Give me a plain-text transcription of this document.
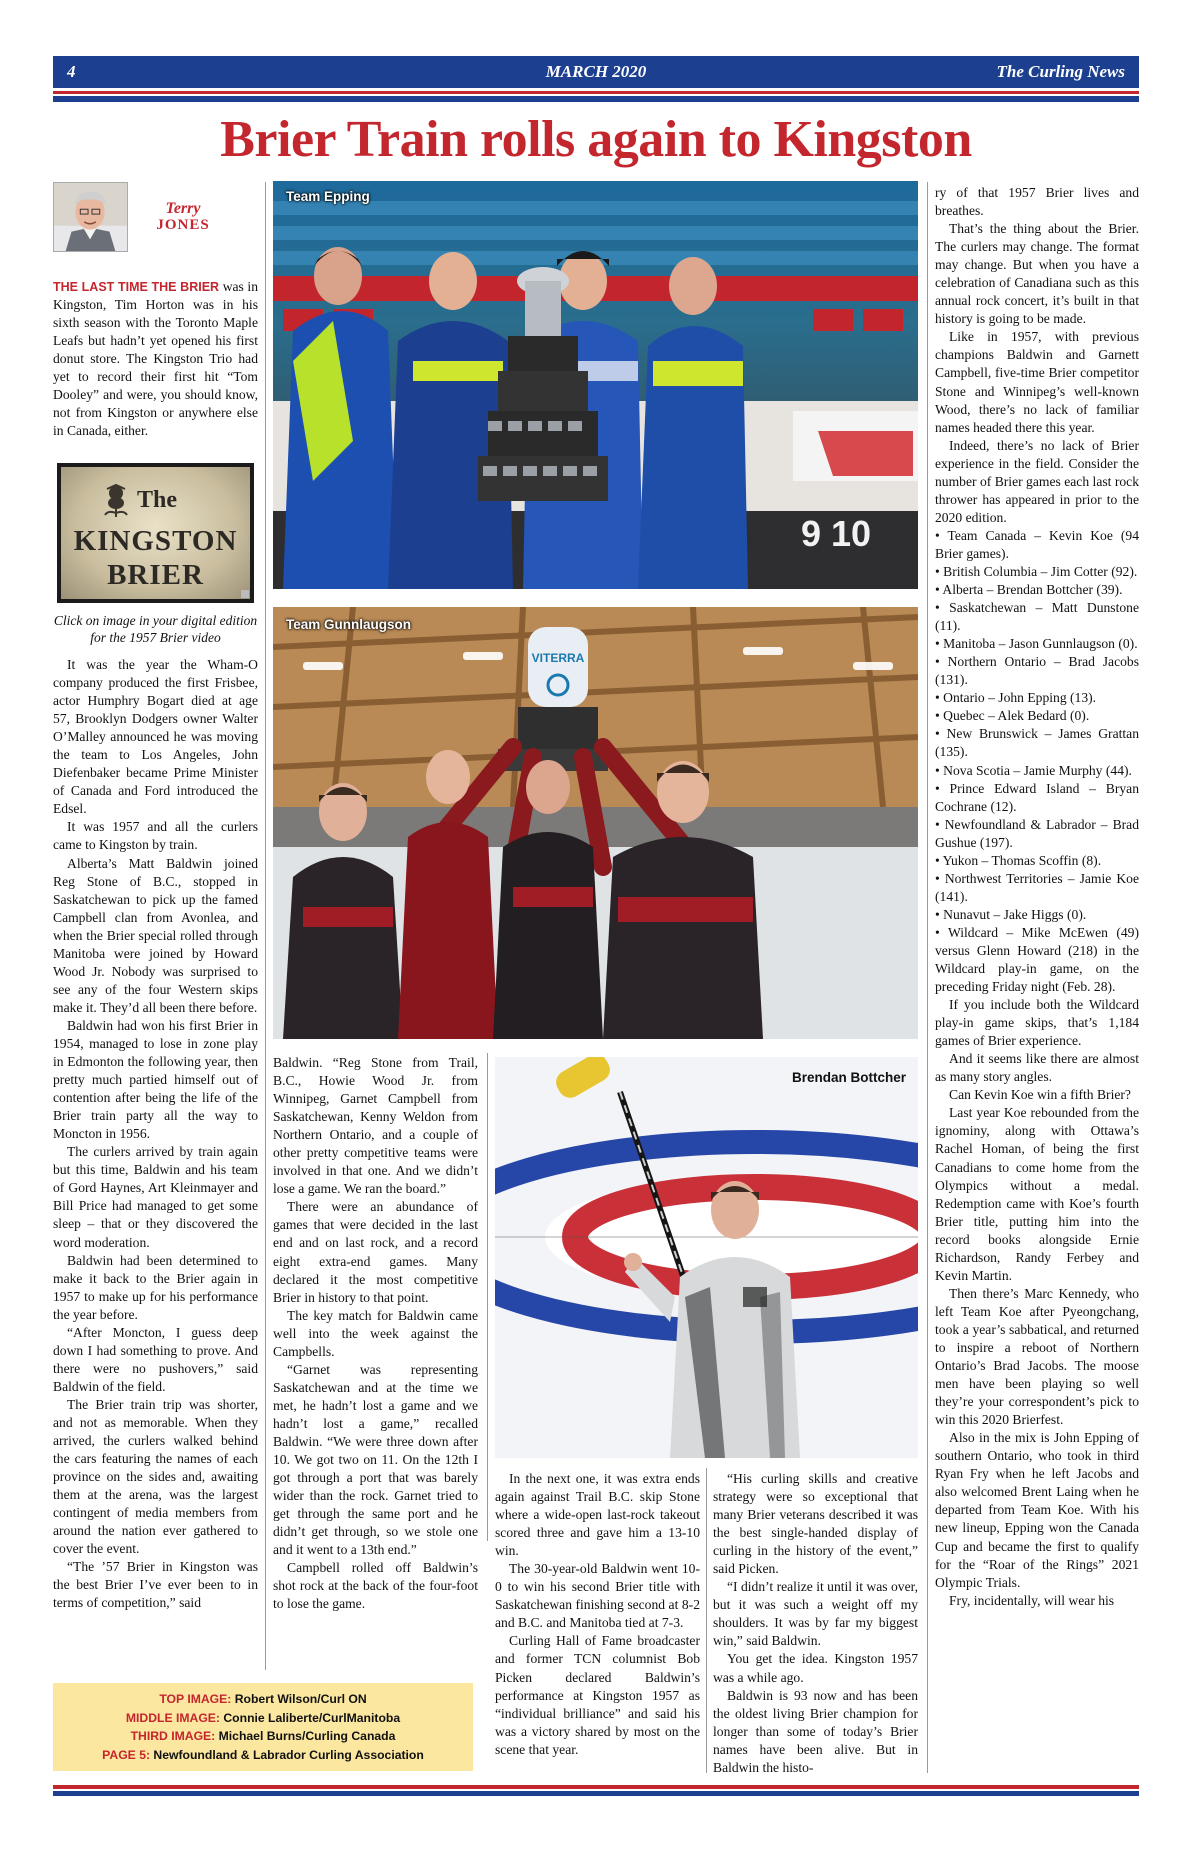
4	MARCH 2020	The Curling News
Brier Train rolls again to Kingston
Terry
JONES

THE LAST TIME THE BRIER was in Kingston, Tim Horton was in his sixth season with the Toronto Maple Leafs but hadn’t yet opened his first donut store. The Kingston Trio had yet to record their first hit “Tom Dooley” and were, you should know, not from Kingston or anywhere else in Canada, either.

The
KINGSTON
BRIER
Click on image in your digital edition for the 1957 Brier video

It was the year the Wham-O company produced the first Frisbee, actor Humphry Bogart died at age 57, Brooklyn Dodgers owner Walter O’Malley announced he was moving the team to Los Angeles, John Diefenbaker became Prime Minister of Canada and Ford introduced the Edsel.

It was 1957 and all the curlers came to Kingston by train.

Alberta’s Matt Baldwin joined Reg Stone of B.C., stopped in Saskatchewan to pick up the famed Campbell clan from Avonlea, and when the Brier special rolled through Manitoba were joined by Howard Wood Jr. Nobody was surprised to see any of the four Western skips make it. They’d all been there before.

Baldwin had won his first Brier in 1954, managed to lose in zone play in Edmonton the following year, then pretty much partied himself out of contention after being the life of the Brier train party all the way to Moncton in 1956.

The curlers arrived by train again but this time, Baldwin and his team of Gord Haynes, Art Kleinmayer and Bill Price had managed to get some sleep – that or they discovered the word moderation.

Baldwin had been determined to make it back to the Brier again in 1957 to make up for his performance the year before.

“After Moncton, I guess deep down I had something to prove. And there were no pushovers,” said Baldwin of the field.

The Brier train trip was shorter, and not as memorable. When they arrived, the curlers walked behind the cars featuring the names of each province on the sides and, awaiting them at the arena, was the largest contingent of media members from around the nation ever gathered to cover the event.

“The ’57 Brier in Kingston was the best Brier I’ve ever been to in terms of competition,” said

9 10
Team Epping
VITERRA
Team Gunnlaugson

Baldwin. “Reg Stone from Trail, B.C., Howie Wood Jr. from Winnipeg, Garnet Campbell from Saskatchewan, Kenny Weldon from Northern Ontario, and a couple of other pretty competitive teams were involved in that one. And we didn’t lose a game. We ran the board.”

There were an abundance of games that were decided in the last end and on last rock, and a record eight extra-end games. Many declared it the most competitive Brier in history to that point.

The key match for Baldwin came well into the week against the Campbells.

“Garnet was representing Saskatchewan and at the time we met, he hadn’t lost a game and we hadn’t lost a game,” recalled Baldwin. “We were three down after 10. We got two on 11. On the 12th I got through a port that was barely wider than the rock. Garnet tried to get through the same port and he didn’t get through, so we stole one and it went to a 13th end.”

Campbell rolled off Baldwin’s shot rock at the back of the four-foot to lose the game.

Brendan Bottcher

In the next one, it was extra ends again against Trail B.C. skip Stone where a wide-open last-rock takeout scored three and gave him a 13-10 win.

The 30-year-old Baldwin went 10-0 to win his second Brier title with Saskatchewan finishing second at 8-2 and B.C. and Manitoba tied at 7-3.

Curling Hall of Fame broadcaster and former TCN columnist Bob Picken declared Baldwin’s performance at Kingston 1957 as “individual brilliance” and said his was a victory shared by most on the scene that year.

“His curling skills and creative strategy were so exceptional that many Brier veterans described it was the best single-handed display of curling in the history of the event,” said Picken.

“I didn’t realize it until it was over, but it was such a weight off my shoulders. It was by far my biggest win,” said Baldwin.

You get the idea. Kingston 1957 was a while ago.

Baldwin is 93 now and has been the oldest living Brier champion for longer than some of today’s Brier names have been alive. But in Baldwin the histo-

ry of that 1957 Brier lives and breathes.

That’s the thing about the Brier. The curlers may change. The format may change. But when you have a celebration of Canadiana such as this annual rock concert, it’s built in that history is going to be made.

Like in 1957, with previous champions Baldwin and Garnett Campbell, five-time Brier competitor Stone and Winnipeg’s well-known Wood, there’s no lack of familiar names headed there this year.

Indeed, there’s no lack of Brier experience in the field. Consider the number of Brier games each last rock thrower has appeared in prior to the 2020 edition.

• Team Canada – Kevin Koe (94 Brier games).

• British Columbia – Jim Cotter (92).

• Alberta – Brendan Bottcher (39).

• Saskatchewan – Matt Dunstone (11).

• Manitoba – Jason Gunnlaugson (0).

• Northern Ontario – Brad Jacobs (131).

• Ontario – John Epping (13).

• Quebec – Alek Bedard (0).

• New Brunswick – James Grattan (135).

• Nova Scotia – Jamie Murphy (44).

• Prince Edward Island – Bryan Cochrane (12).

• Newfoundland & Labrador – Brad Gushue (197).

• Yukon – Thomas Scoffin (8).

• Northwest Territories – Jamie Koe (141).

• Nunavut – Jake Higgs (0).

• Wildcard – Mike McEwen (49) versus Glenn Howard (218) in the Wildcard play-in game, on the preceding Friday night (Feb. 28).

If you include both the Wildcard play-in game skips, that’s 1,184 games of Brier experience.

And it seems like there are almost as many story angles.

Can Kevin Koe win a fifth Brier?

Last year Koe rebounded from the ignominy, along with Ottawa’s Rachel Homan, of being the first Canadians to come home from the Olympics without a medal. Redemption came with Koe’s fourth Brier title, putting him into the record books alongside Ernie Richardson, Randy Ferbey and Kevin Martin.

Then there’s Marc Kennedy, who left Team Koe after Pyeongchang, took a year’s sabbatical, and returned to inspire a reboot of Northern Ontario’s Brad Jacobs. The moose men have been playing so well they’re your correspondent’s pick to win this 2020 Brierfest.

Also in the mix is John Epping of southern Ontario, who took in third Ryan Fry when he left Jacobs and also welcomed Brent Laing when he departed from Team Koe. With his new lineup, Epping won the Canada Cup and became the first to qualify for the “Roar of the Rings” 2021 Olympic Trials.

Fry, incidentally, will wear his

TOP IMAGE: Robert Wilson/Curl ON
MIDDLE IMAGE: Connie Laliberte/CurlManitoba
THIRD IMAGE: Michael Burns/Curling Canada
PAGE 5: Newfoundland & Labrador Curling Association
